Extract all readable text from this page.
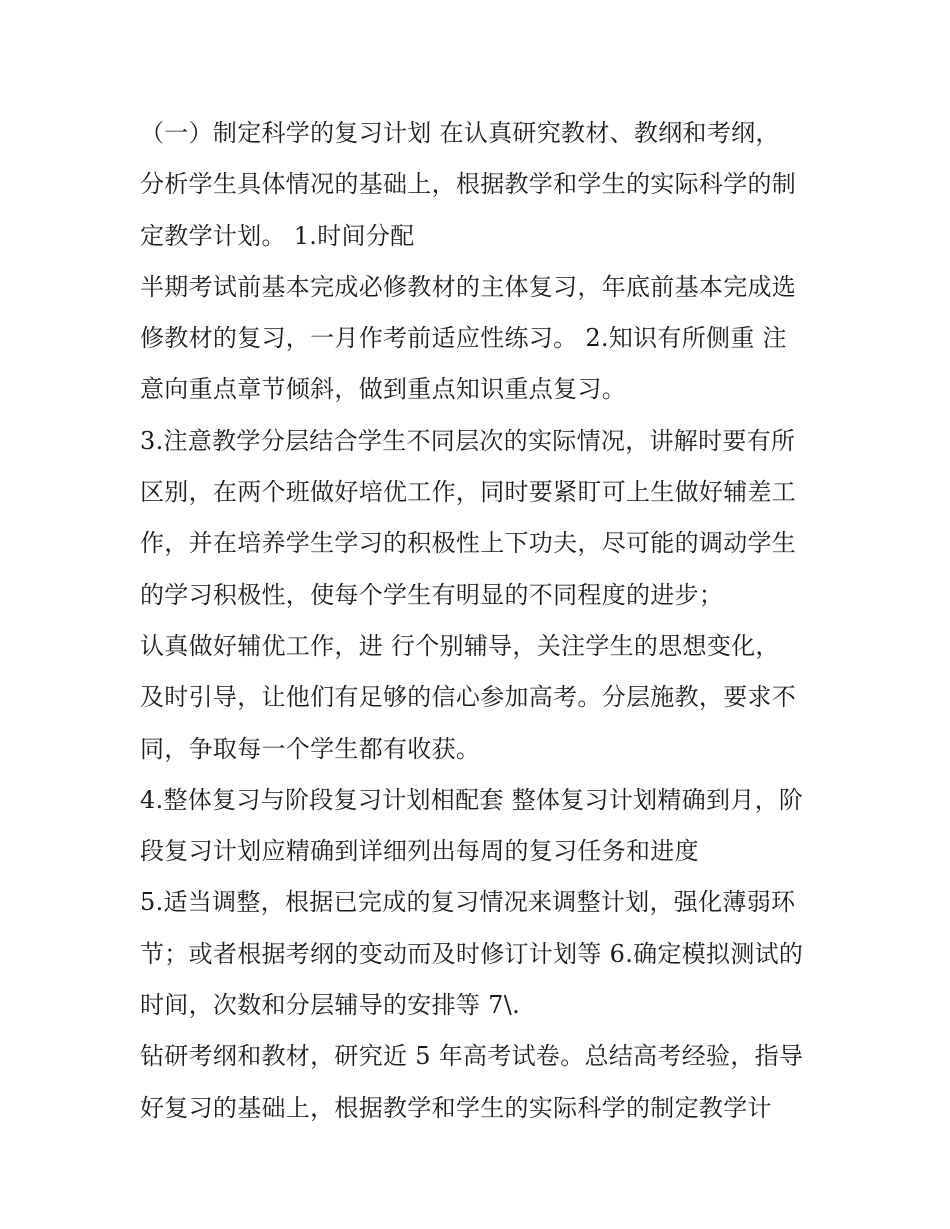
（一）制定科学的复习计划 在认真研究教材、教纲和考纲，
分析学生具体情况的基础上，根据教学和学生的实际科学的制
定教学计划。 1.时间分配
半期考试前基本完成必修教材的主体复习，年底前基本完成选
修教材的复习，一月作考前适应性练习。 2.知识有所侧重 注
意向重点章节倾斜，做到重点知识重点复习。
3.注意教学分层结合学生不同层次的实际情况，讲解时要有所
区别，在两个班做好培优工作，同时要紧盯可上生做好辅差工
作，并在培养学生学习的积极性上下功夫，尽可能的调动学生
的学习积极性，使每个学生有明显的不同程度的进步；
认真做好辅优工作，进 行个别辅导，关注学生的思想变化，
及时引导，让他们有足够的信心参加高考。分层施教，要求不
同，争取每一个学生都有收获。
4.整体复习与阶段复习计划相配套 整体复习计划精确到月，阶
段复习计划应精确到详细列出每周的复习任务和进度
5.适当调整，根据已完成的复习情况来调整计划，强化薄弱环
节；或者根据考纲的变动而及时修订计划等 6.确定模拟测试的
时间，次数和分层辅导的安排等 7\.
钻研考纲和教材，研究近 5 年高考试卷。总结高考经验，指导
好复习的基础上，根据教学和学生的实际科学的制定教学计
